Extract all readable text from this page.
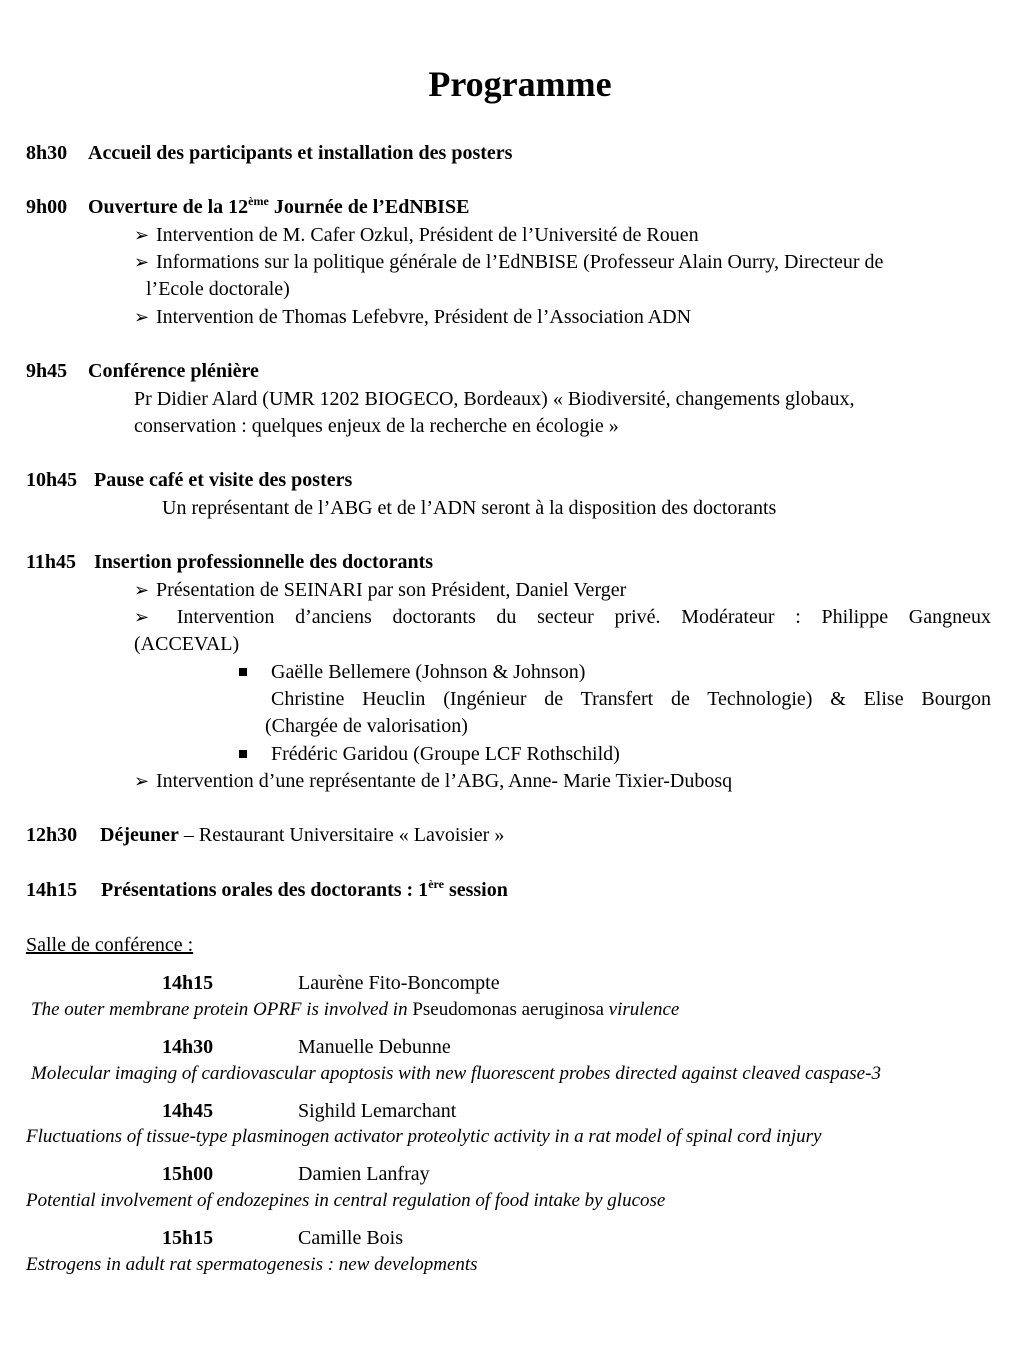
Programme
8h30 Accueil des participants et installation des posters
9h00 Ouverture de la 12ème Journée de l’EdNBISE
➢ Intervention de M. Cafer Ozkul, Président de l’Université de Rouen
➢ Informations sur la politique générale de l’EdNBISE (Professeur Alain Ourry, Directeur de
l’Ecole doctorale)
➢ Intervention de Thomas Lefebvre, Président de l’Association ADN
9h45 Conférence plénière
Pr Didier Alard (UMR 1202 BIOGECO, Bordeaux) « Biodiversité, changements globaux,
conservation : quelques enjeux de la recherche en écologie »
10h45 Pause café et visite des posters
Un représentant de l’ABG et de l’ADN seront à la disposition des doctorants
11h45 Insertion professionnelle des doctorants
➢ Présentation de SEINARI par son Président, Daniel Verger
➢ Intervention d’anciens doctorants du secteur privé. Modérateur : Philippe Gangneux
(ACCEVAL)
Gaëlle Bellemere (Johnson & Johnson)
Christine Heuclin (Ingénieur de Transfert de Technologie) & Elise Bourgon
(Chargée de valorisation)
Frédéric Garidou (Groupe LCF Rothschild)
➢ Intervention d’une représentante de l’ABG, Anne- Marie Tixier-Dubosq
12h30 Déjeuner – Restaurant Universitaire « Lavoisier »
14h15 Présentations orales des doctorants : 1ère session
Salle de conférence :
14h15	Laurène Fito-Boncompte
The outer membrane protein OPRF is involved in Pseudomonas aeruginosa virulence
14h30	Manuelle Debunne
Molecular imaging of cardiovascular apoptosis with new fluorescent probes directed against cleaved caspase-3
14h45	Sighild Lemarchant
Fluctuations of tissue-type plasminogen activator proteolytic activity in a rat model of spinal cord injury
15h00	Damien Lanfray
Potential involvement of endozepines in central regulation of food intake by glucose
15h15	Camille Bois
Estrogens in adult rat spermatogenesis : new developments
